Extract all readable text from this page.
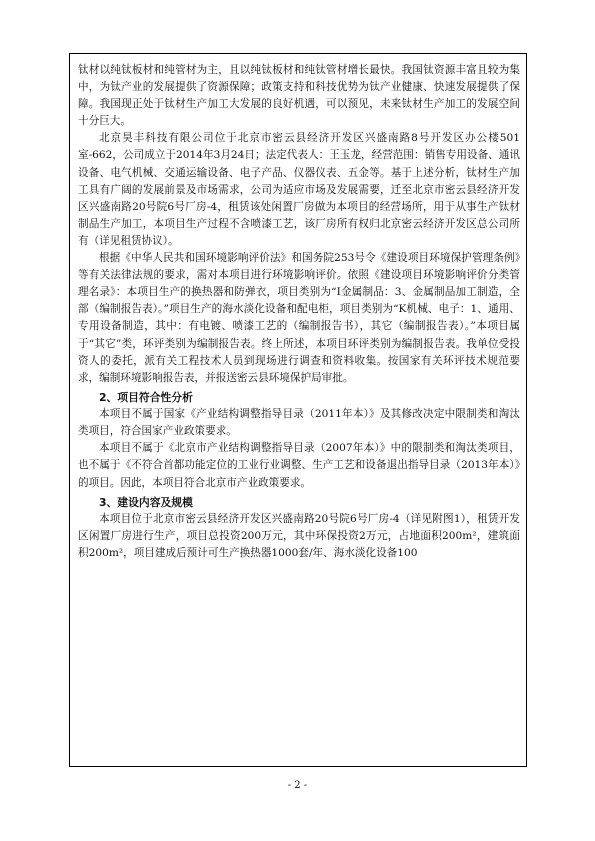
钛材以纯钛板材和纯管材为主，且以纯钛板材和纯钛管材增长最快。我国钛资源丰富且较为集中，为钛产业的发展提供了资源保障；政策支持和科技优势为钛产业健康、快速发展提供了保障。我国现正处于钛材生产加工大发展的良好机遇，可以预见，未来钛材生产加工的发展空间十分巨大。

北京昊丰科技有限公司位于北京市密云县经济开发区兴盛南路8号开发区办公楼501室-662，公司成立于2014年3月24日；法定代表人：王玉龙，经营范围：销售专用设备、通讯设备、电气机械、交通运输设备、电子产品、仪器仪表、五金等。基于上述分析，钛材生产加工具有广阔的发展前景及市场需求，公司为适应市场及发展需要，迁至北京市密云县经济开发区兴盛南路20号院6号厂房-4，租赁该处闲置厂房做为本项目的经营场所，用于从事生产钛材制品生产加工，本项目生产过程不含喷漆工艺，该厂房所有权归北京密云经济开发区总公司所有（详见租赁协议）。

根据《中华人民共和国环境影响评价法》和国务院253号令《建设项目环境保护管理条例》等有关法律法规的要求，需对本项目进行环境影响评价。依照《建设项目环境影响评价分类管理名录》：本项目生产的换热器和防弹衣，项目类别为“I金属制品：3、金属制品加工制造，全部（编制报告表）。”项目生产的海水淡化设备和配电柜，项目类别为“K机械、电子：1、通用、专用设备制造，其中：有电镀、喷漆工艺的（编制报告书），其它（编制报告表）。”本项目属于“其它”类，环评类别为编制报告表。终上所述，本项目环评类别为编制报告表。我单位受投资人的委托，派有关工程技术人员到现场进行调查和资料收集。按国家有关环评技术规范要求，编制环境影响报告表，并报送密云县环境保护局审批。

2、项目符合性分析

本项目不属于国家《产业结构调整指导目录（2011年本）》及其修改决定中限制类和淘汰类项目，符合国家产业政策要求。

本项目不属于《北京市产业结构调整指导目录（2007年本）》中的限制类和淘汰类项目，也不属于《不符合首都功能定位的工业行业调整、生产工艺和设备退出指导目录（2013年本）》的项目。因此，本项目符合北京市产业政策要求。

3、建设内容及规模

本项目位于北京市密云县经济开发区兴盛南路20号院6号厂房-4（详见附图1），租赁开发区闲置厂房进行生产，项目总投资200万元，其中环保投资2万元，占地面积200m²，建筑面积200m²，项目建成后预计可生产换热器1000套/年、海水淡化设备100

- 2 -
